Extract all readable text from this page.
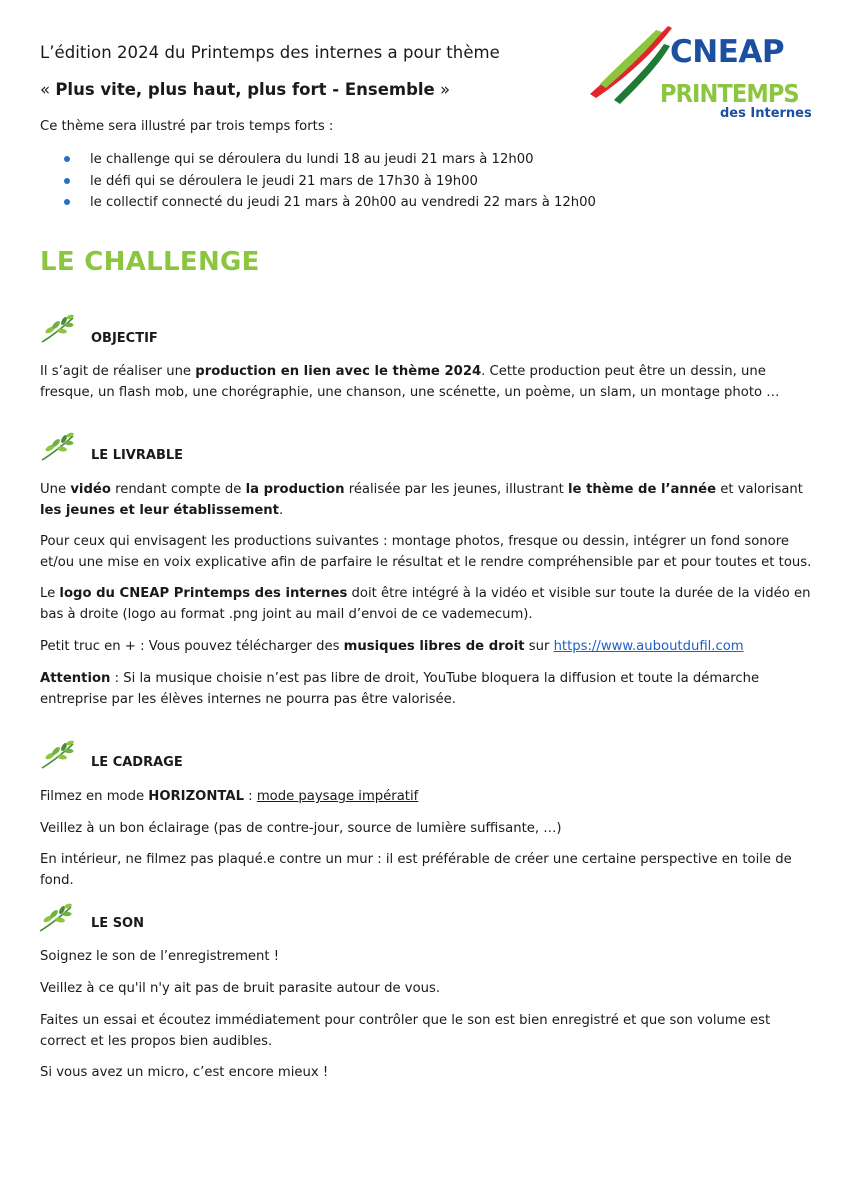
CNEAP
PRINTEMPS
des Internes
L’édition 2024 du Printemps des internes a pour thème
« Plus vite, plus haut, plus fort - Ensemble »
Ce thème sera illustré par trois temps forts :
le challenge qui se déroulera du lundi 18 au jeudi 21 mars à 12h00
le défi qui se déroulera le jeudi 21 mars de 17h30 à 19h00
le collectif connecté du jeudi 21 mars à 20h00 au vendredi 22 mars à 12h00
LE CHALLENGE
OBJECTIF
Il s’agit de réaliser une production en lien avec le thème 2024. Cette production peut être un dessin, une fresque, un flash mob, une chorégraphie, une chanson, une scénette, un poème, un slam, un montage photo …
LE LIVRABLE
Une vidéo rendant compte de la production réalisée par les jeunes, illustrant le thème de l’année et valorisant les jeunes et leur établissement.
Pour ceux qui envisagent les productions suivantes : montage photos, fresque ou dessin, intégrer un fond sonore et/ou une mise en voix explicative afin de parfaire le résultat et le rendre compréhensible par et pour toutes et tous.
Le logo du CNEAP Printemps des internes doit être intégré à la vidéo et visible sur toute la durée de la vidéo en bas à droite (logo au format .png joint au mail d’envoi de ce vademecum).
Petit truc en + : Vous pouvez télécharger des musiques libres de droit sur https://www.auboutdufil.com
Attention : Si la musique choisie n’est pas libre de droit, YouTube bloquera la diffusion et toute la démarche entreprise par les élèves internes ne pourra pas être valorisée.
LE CADRAGE
Filmez en mode HORIZONTAL : mode paysage impératif
Veillez à un bon éclairage (pas de contre-jour, source de lumière suffisante, …)
En intérieur, ne filmez pas plaqué.e contre un mur : il est préférable de créer une certaine perspective en toile de fond.
LE SON
Soignez le son de l’enregistrement !
Veillez à ce qu'il n'y ait pas de bruit parasite autour de vous.
Faites un essai et écoutez immédiatement pour contrôler que le son est bien enregistré et que son volume est correct et les propos bien audibles.
Si vous avez un micro, c’est encore mieux !
